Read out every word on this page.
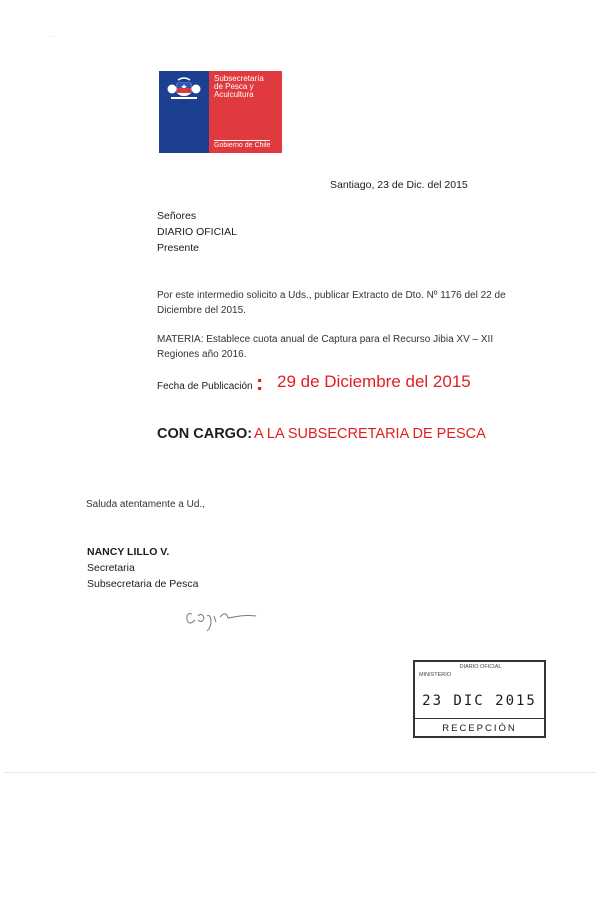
Subsecretaría
de Pesca y
Acuicultura
Gobierno de Chile
· ·
Santiago, 23 de Dic. del 2015
Señores
DIARIO OFICIAL
Presente
Por este intermedio solicito a Uds., publicar Extracto de Dto. Nº 1176 del 22 de Diciembre del 2015.
MATERIA: Establece cuota anual de Captura para el Recurso Jibia XV – XII Regiones año 2016.
Fecha de Publicación : 29 de Diciembre del 2015
CON CARGO: A LA SUBSECRETARIA DE PESCA
Saluda atentamente a Ud.,
NANCY LILLO V.
Secretaria
Subsecretaria de Pesca
DIARIO OFICIAL
MINISTERIO
23 DIC 2015
RECEPCIÓN
